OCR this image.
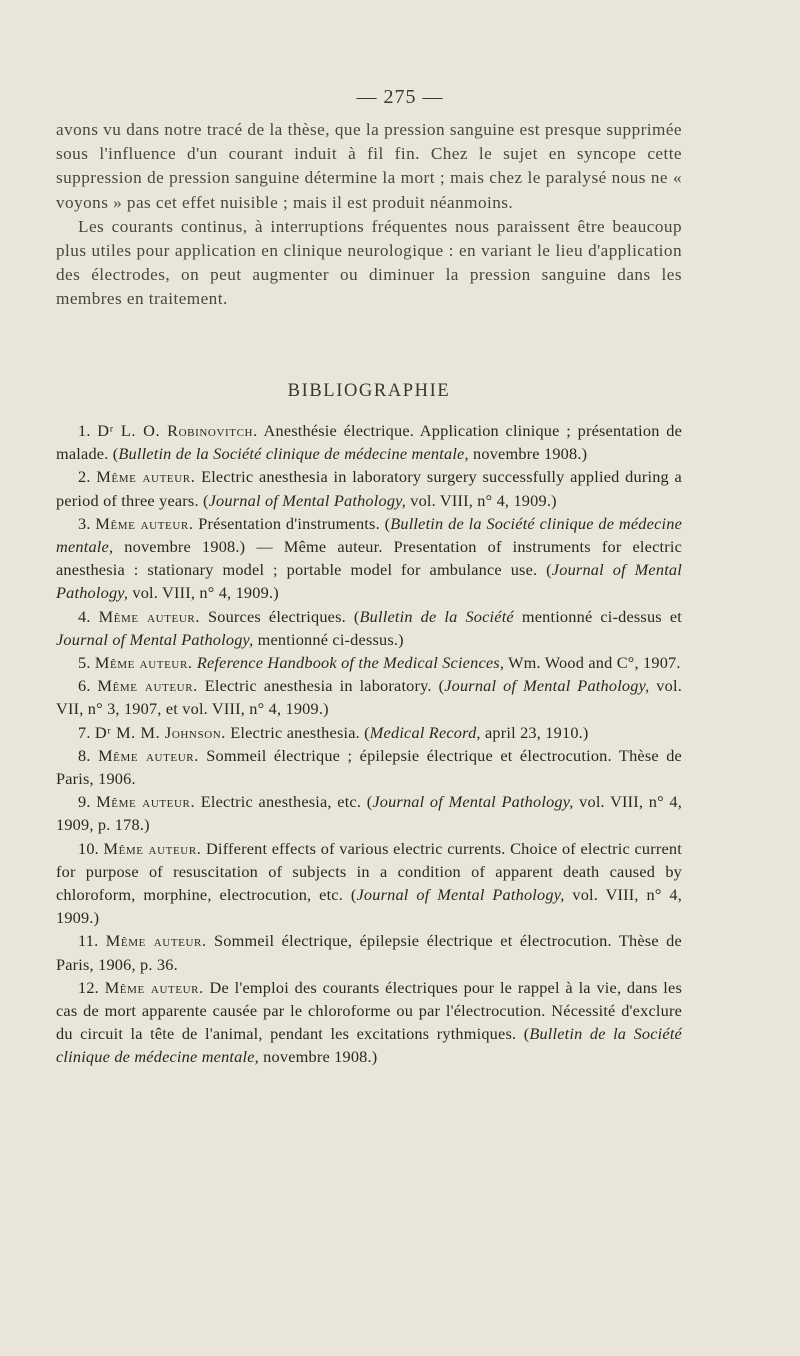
— 275 —

avons vu dans notre tracé de la thèse, que la pression sanguine est presque supprimée sous l'influence d'un courant induit à fil fin. Chez le sujet en syncope cette suppression de pression sanguine détermine la mort ; mais chez le paralysé nous ne « voyons » pas cet effet nuisible ; mais il est produit néanmoins.

Les courants continus, à interruptions fréquentes nous paraissent être beaucoup plus utiles pour application en clinique neurologique : en variant le lieu d'application des électrodes, on peut augmenter ou diminuer la pression sanguine dans les membres en traitement.

BIBLIOGRAPHIE

1. Dʳ L. O. Robinovitch. Anesthésie électrique. Application clinique ; présentation de malade. (Bulletin de la Société clinique de médecine mentale, novembre 1908.)

2. Même auteur. Electric anesthesia in laboratory surgery successfully applied during a period of three years. (Journal of Mental Pathology, vol. VIII, n° 4, 1909.)

3. Même auteur. Présentation d'instruments. (Bulletin de la Société clinique de médecine mentale, novembre 1908.) — Même auteur. Presentation of instruments for electric anesthesia : stationary model ; portable model for ambulance use. (Journal of Mental Pathology, vol. VIII, n° 4, 1909.)

4. Même auteur. Sources électriques. (Bulletin de la Société mentionné ci-dessus et Journal of Mental Pathology, mentionné ci-dessus.)

5. Même auteur. Reference Handbook of the Medical Sciences, Wm. Wood and C°, 1907.

6. Même auteur. Electric anesthesia in laboratory. (Journal of Mental Pathology, vol. VII, n° 3, 1907, et vol. VIII, n° 4, 1909.)

7. Dʳ M. M. Johnson. Electric anesthesia. (Medical Record, april 23, 1910.)

8. Même auteur. Sommeil électrique ; épilepsie électrique et électrocution. Thèse de Paris, 1906.

9. Même auteur. Electric anesthesia, etc. (Journal of Mental Pathology, vol. VIII, n° 4, 1909, p. 178.)

10. Même auteur. Different effects of various electric currents. Choice of electric current for purpose of resuscitation of subjects in a condition of apparent death caused by chloroform, morphine, electrocution, etc. (Journal of Mental Pathology, vol. VIII, n° 4, 1909.)

11. Même auteur. Sommeil électrique, épilepsie électrique et électrocution. Thèse de Paris, 1906, p. 36.

12. Même auteur. De l'emploi des courants électriques pour le rappel à la vie, dans les cas de mort apparente causée par le chloroforme ou par l'électrocution. Nécessité d'exclure du circuit la tête de l'animal, pendant les excitations rythmiques. (Bulletin de la Société clinique de médecine mentale, novembre 1908.)
